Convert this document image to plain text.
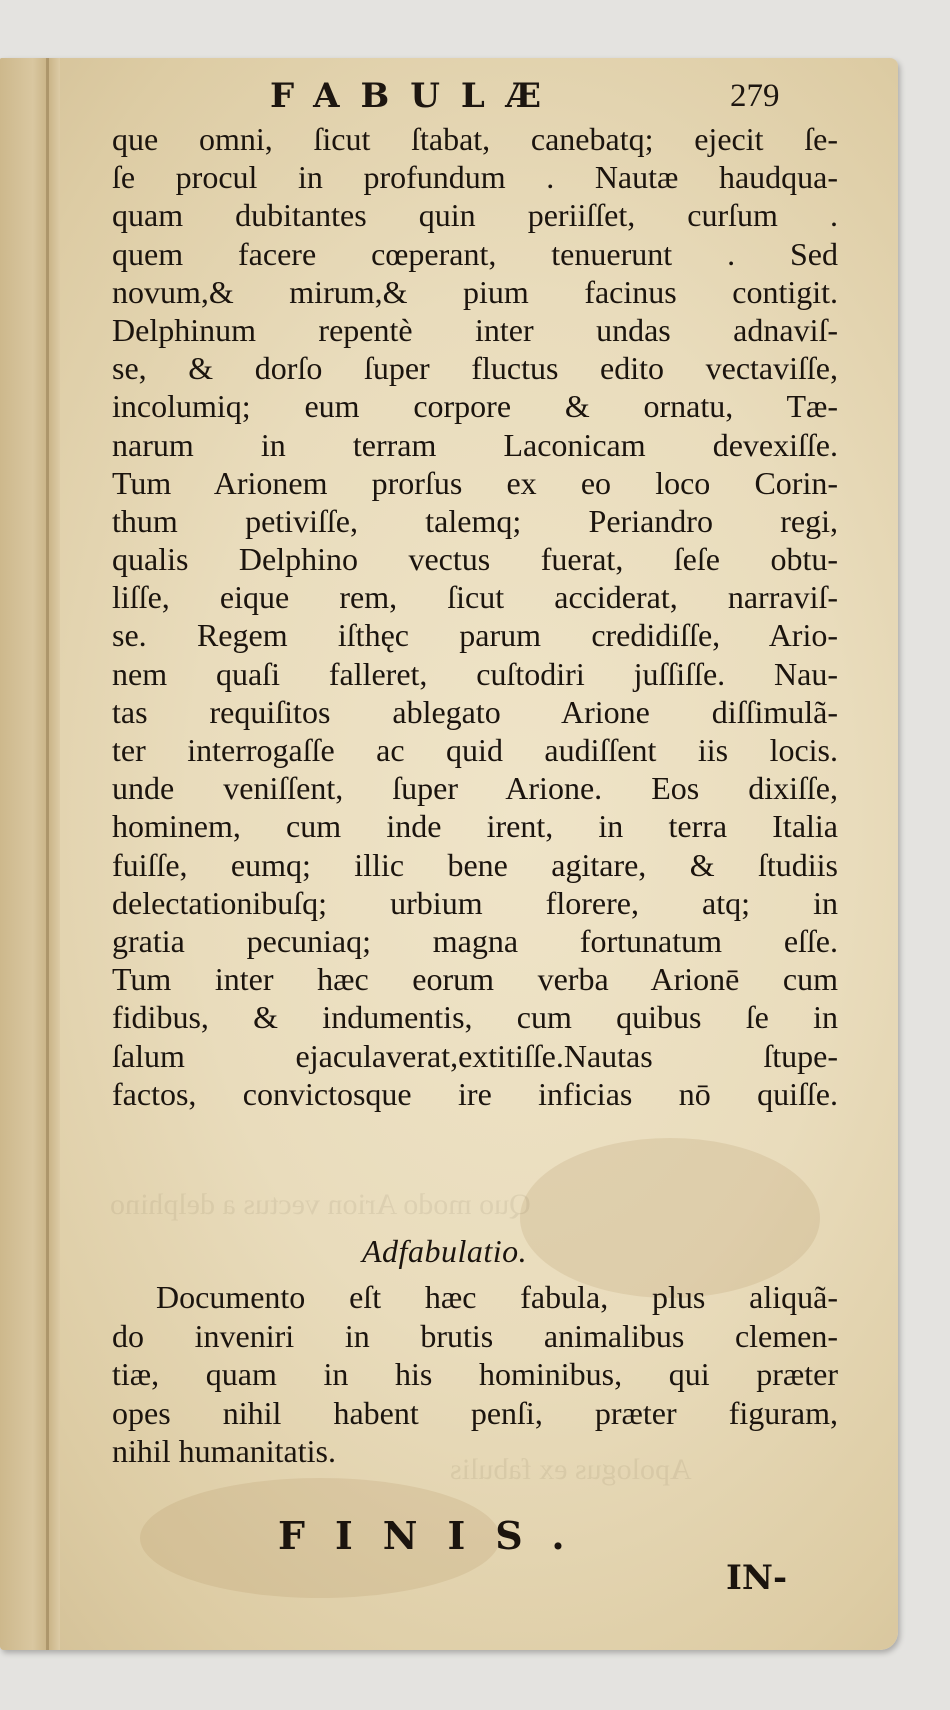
Quo modo Arion vectus a delphino
Apologus ex fabulis
FABULÆ	279
que omni, ſicut ſtabat, canebatq; ejecit ſe-
ſe procul in profundum . Nautæ haudqua-
quam dubitantes quin periiſſet, curſum .
quem facere cœperant, tenuerunt . Sed
novum,& mirum,& pium facinus contigit.
Delphinum repentè inter undas adnaviſ-
se, & dorſo ſuper fluctus edito vectaviſſe,
incolumiq; eum corpore & ornatu, Tæ-
narum in terram Laconicam devexiſſe.
Tum Arionem prorſus ex eo loco Corin-
thum petiviſſe, talemq; Periandro regi,
qualis Delphino vectus fuerat, ſeſe obtu-
liſſe, eique rem, ſicut acciderat, narraviſ-
se. Regem iſthęc parum credidiſſe, Ario-
nem quaſi falleret, cuſtodiri juſſiſſe. Nau-
tas requiſitos ablegato Arione diſſimulã-
ter interrogaſſe ac quid audiſſent iis locis.
unde veniſſent, ſuper Arione. Eos dixiſſe,
hominem, cum inde irent, in terra Italia
fuiſſe, eumq; illic bene agitare, & ſtudiis
delectationibuſq; urbium florere, atq; in
gratia pecuniaq; magna fortunatum eſſe.
Tum inter hæc eorum verba Arionē cum
fidibus, & indumentis, cum quibus ſe in
ſalum ejaculaverat,extitiſſe.Nautas ſtupe-
factos, convictosque ire inficias nō quiſſe.
Adfabulatio.
Documento eſt hæc fabula, plus aliquã-
do inveniri in brutis animalibus clemen-
tiæ, quam in his hominibus, qui præter
opes nihil habent penſi, præter figuram,
nihil humanitatis.
FINIS.
IN-
